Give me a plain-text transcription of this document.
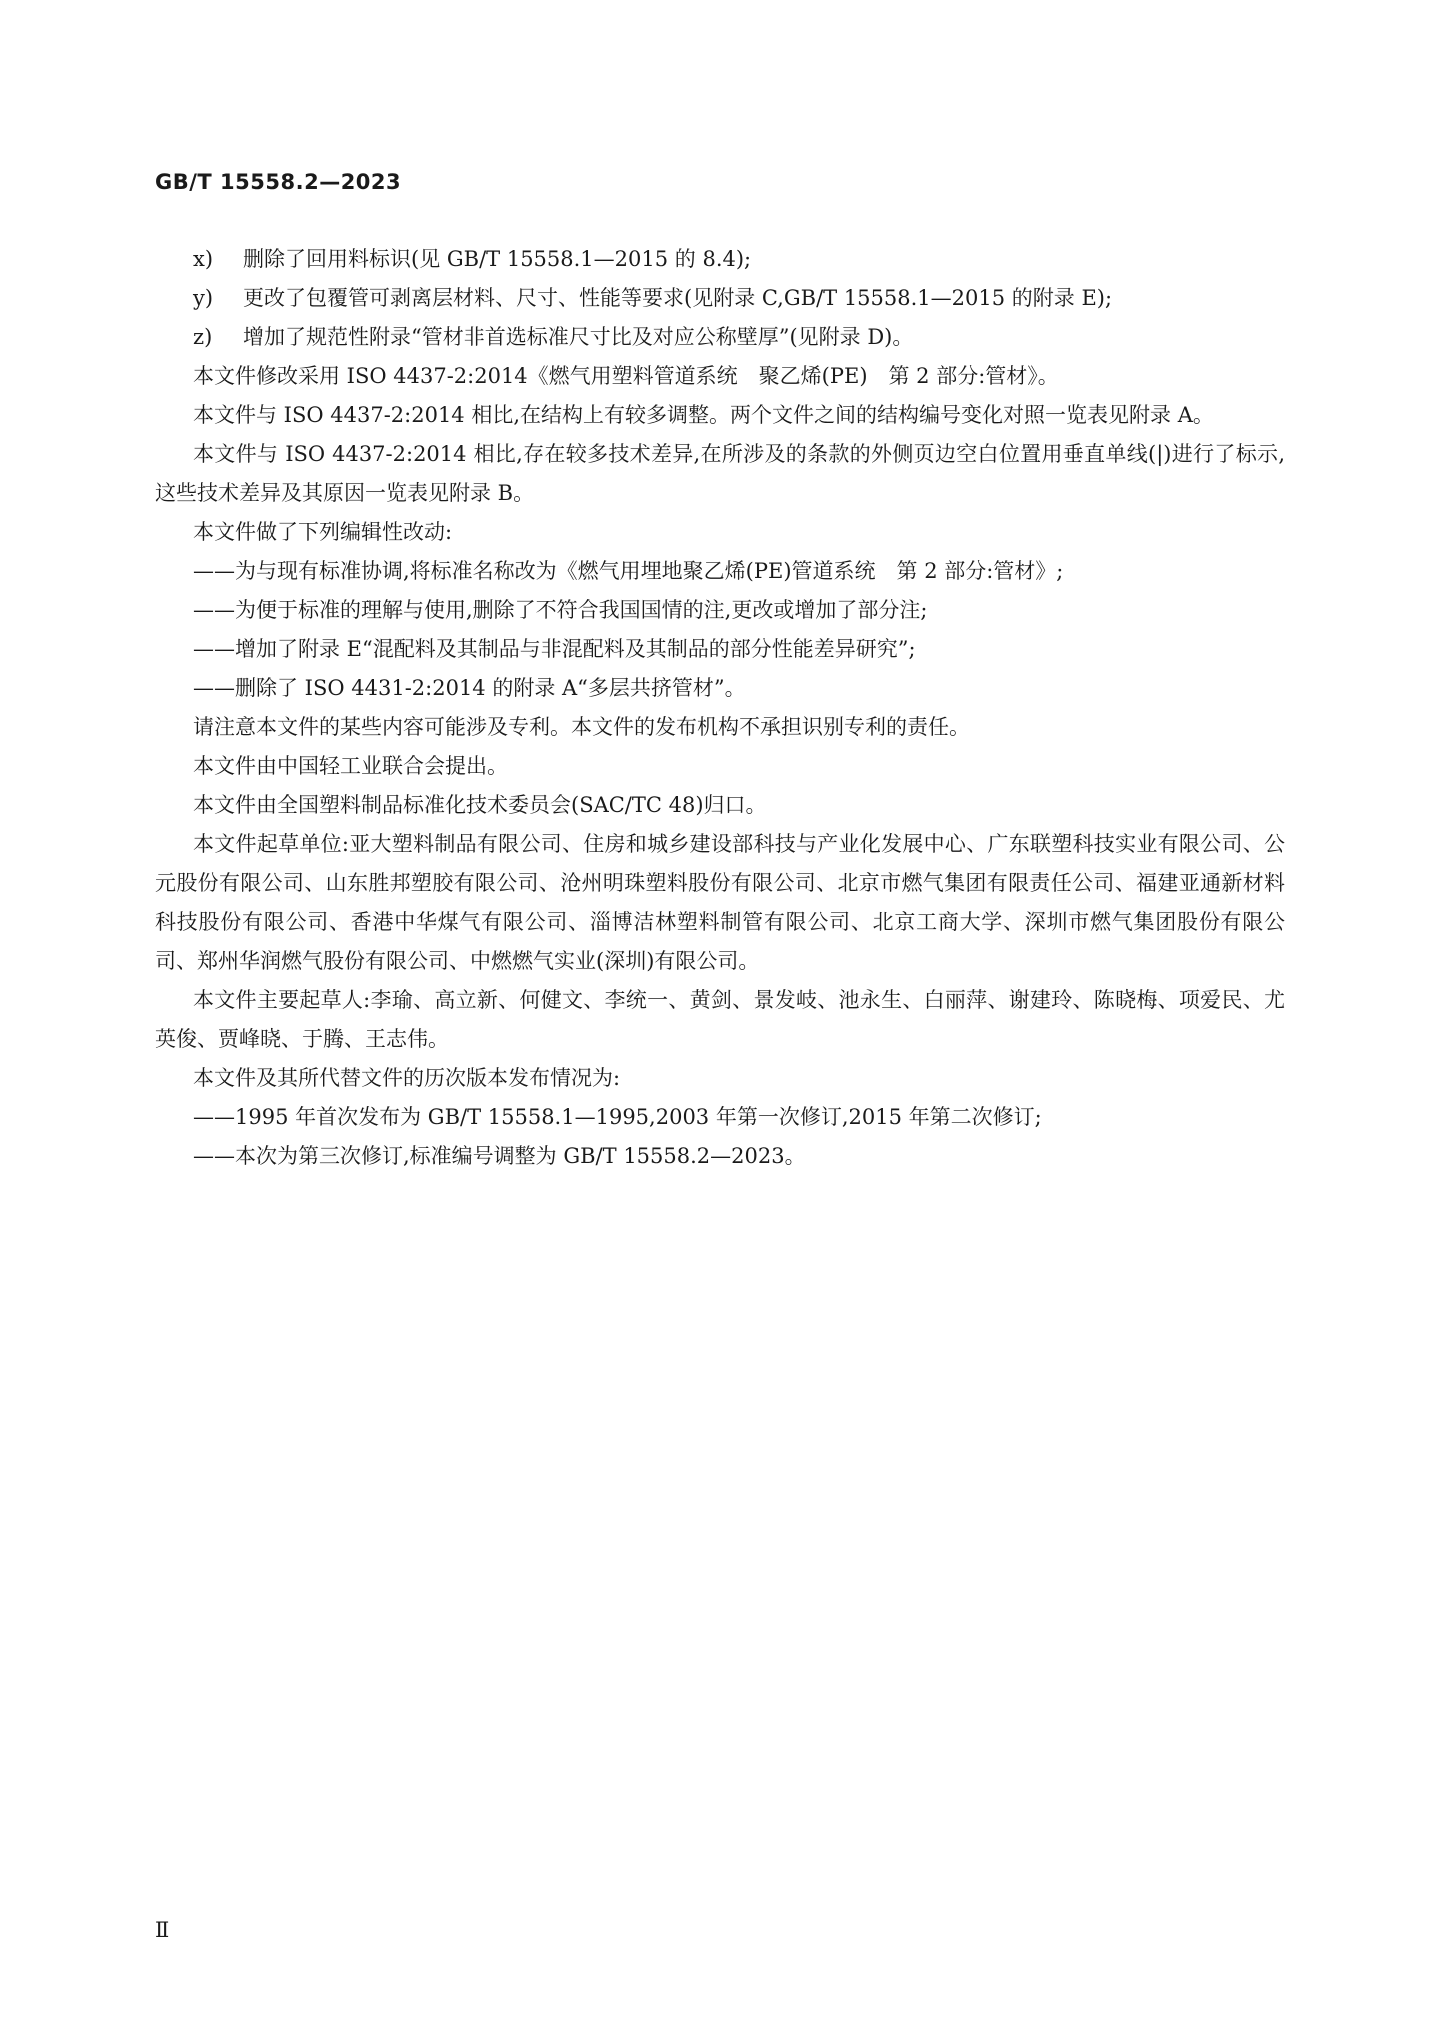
GB/T 15558.2—2023

x)	删除了回用料标识(见 GB/T 15558.1—2015 的 8.4);

y)	更改了包覆管可剥离层材料、尺寸、性能等要求(见附录 C,GB/T 15558.1—2015 的附录 E);

z)	增加了规范性附录“管材非首选标准尺寸比及对应公称壁厚”(见附录 D)。

本文件修改采用 ISO 4437-2:2014《燃气用塑料管道系统　聚乙烯(PE)　第 2 部分:管材》。

本文件与 ISO 4437-2:2014 相比,在结构上有较多调整。两个文件之间的结构编号变化对照一览表见附录 A。

本文件与 ISO 4437-2:2014 相比,存在较多技术差异,在所涉及的条款的外侧页边空白位置用垂直单线(|)进行了标示,这些技术差异及其原因一览表见附录 B。

本文件做了下列编辑性改动:

——为与现有标准协调,将标准名称改为《燃气用埋地聚乙烯(PE)管道系统　第 2 部分:管材》;

——为便于标准的理解与使用,删除了不符合我国国情的注,更改或增加了部分注;

——增加了附录 E“混配料及其制品与非混配料及其制品的部分性能差异研究”;

——删除了 ISO 4431-2:2014 的附录 A“多层共挤管材”。

请注意本文件的某些内容可能涉及专利。本文件的发布机构不承担识别专利的责任。

本文件由中国轻工业联合会提出。

本文件由全国塑料制品标准化技术委员会(SAC/TC 48)归口。

本文件起草单位:亚大塑料制品有限公司、住房和城乡建设部科技与产业化发展中心、广东联塑科技实业有限公司、公元股份有限公司、山东胜邦塑胶有限公司、沧州明珠塑料股份有限公司、北京市燃气集团有限责任公司、福建亚通新材料科技股份有限公司、香港中华煤气有限公司、淄博洁林塑料制管有限公司、北京工商大学、深圳市燃气集团股份有限公司、郑州华润燃气股份有限公司、中燃燃气实业(深圳)有限公司。

本文件主要起草人:李瑜、高立新、何健文、李统一、黄剑、景发岐、池永生、白丽萍、谢建玲、陈晓梅、项爱民、尤英俊、贾峰晓、于腾、王志伟。

本文件及其所代替文件的历次版本发布情况为:

——1995 年首次发布为 GB/T 15558.1—1995,2003 年第一次修订,2015 年第二次修订;

——本次为第三次修订,标准编号调整为 GB/T 15558.2—2023。

Ⅱ
